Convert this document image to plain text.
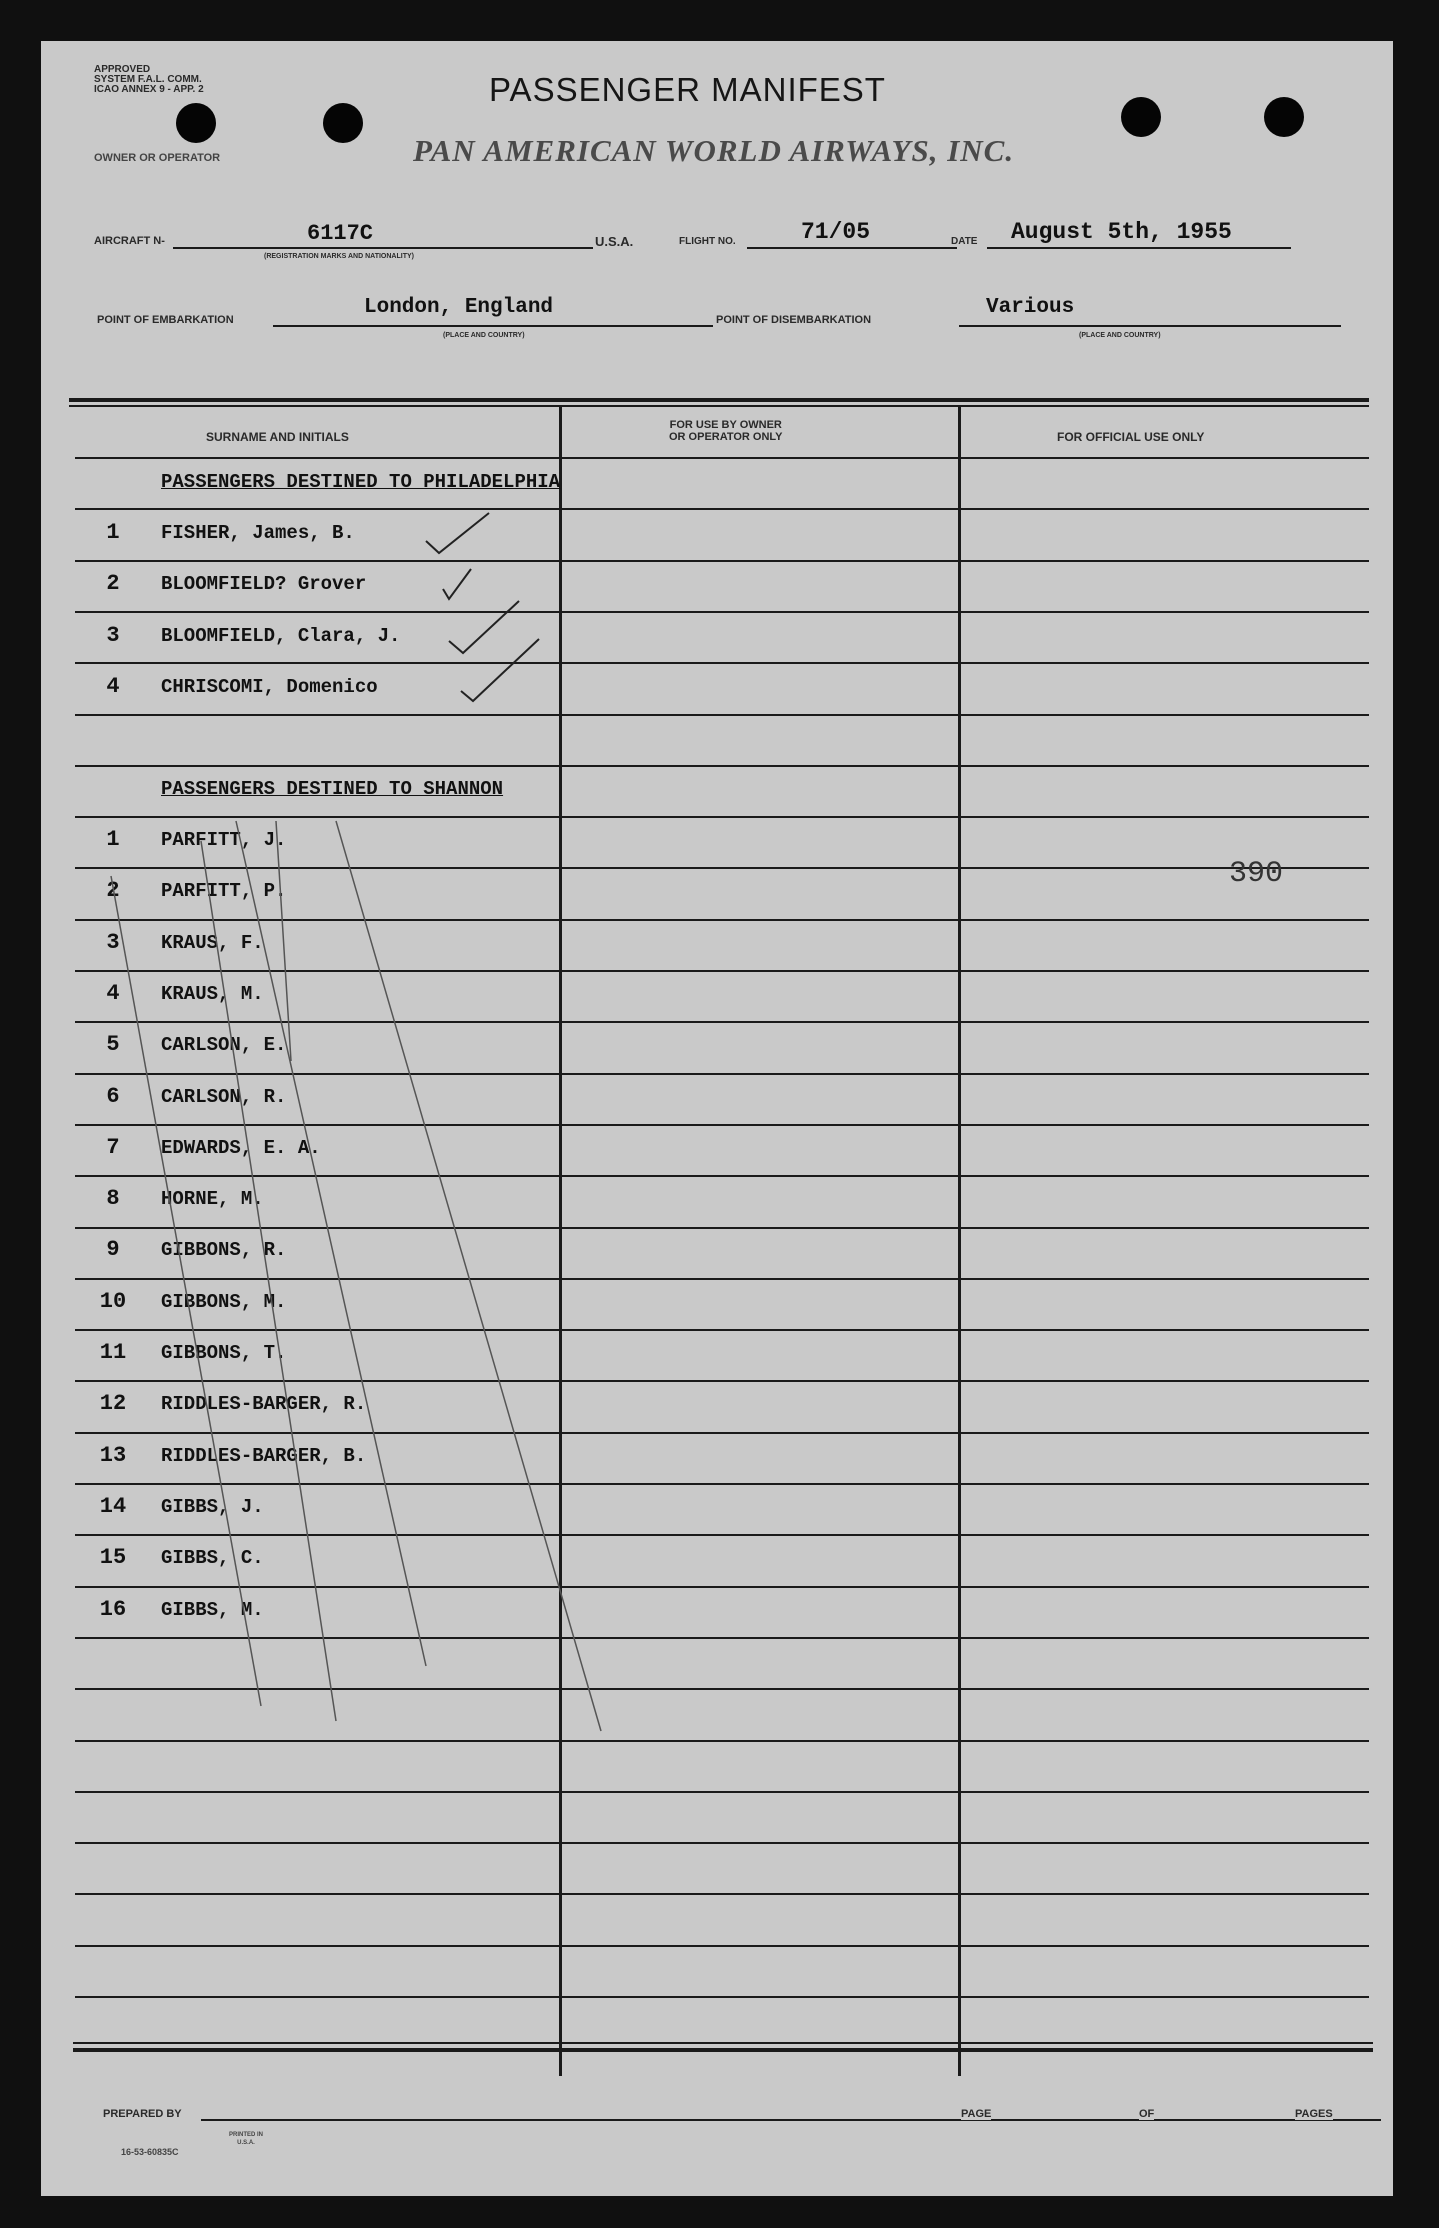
APPROVED
SYSTEM F.A.L. COMM.
ICAO ANNEX 9 - APP. 2
OWNER OR OPERATOR
PASSENGER MANIFEST
PAN AMERICAN WORLD AIRWAYS, INC.
AIRCRAFT N-	6117C
(REGISTRATION MARKS AND NATIONALITY)
U.S.A.	FLIGHT NO.	71/05	DATE August 5th, 1955
POINT OF EMBARKATION
London, England
(PLACE AND COUNTRY)
POINT OF DISEMBARKATION
Various
(PLACE AND COUNTRY)
SURNAME AND INITIALS
FOR USE BY OWNER
OR OPERATOR ONLY	FOR OFFICIAL USE ONLY
PASSENGERS DESTINED TO PHILADELPHIA
1	FISHER, James, B.
2	BLOOMFIELD? Grover
3	BLOOMFIELD, Clara, J.
4	CHRISCOMI, Domenico
PASSENGERS DESTINED TO SHANNON
1	PARFITT, J.
2	PARFITT, P.
3	KRAUS, F.
4	KRAUS, M.
5	CARLSON, E.
6	CARLSON, R.
7	EDWARDS, E. A.
8	HORNE, M.
9	GIBBONS, R.
10	GIBBONS, M.
11	GIBBONS, T.
12	RIDDLES-BARGER, R.
13	RIDDLES-BARGER, B.
14	GIBBS, J.
15	GIBBS, C.
16	GIBBS, M.
390
PREPARED BY	PAGE	OF	PAGES
16-53-60835C
PRINTED IN U.S.A.
